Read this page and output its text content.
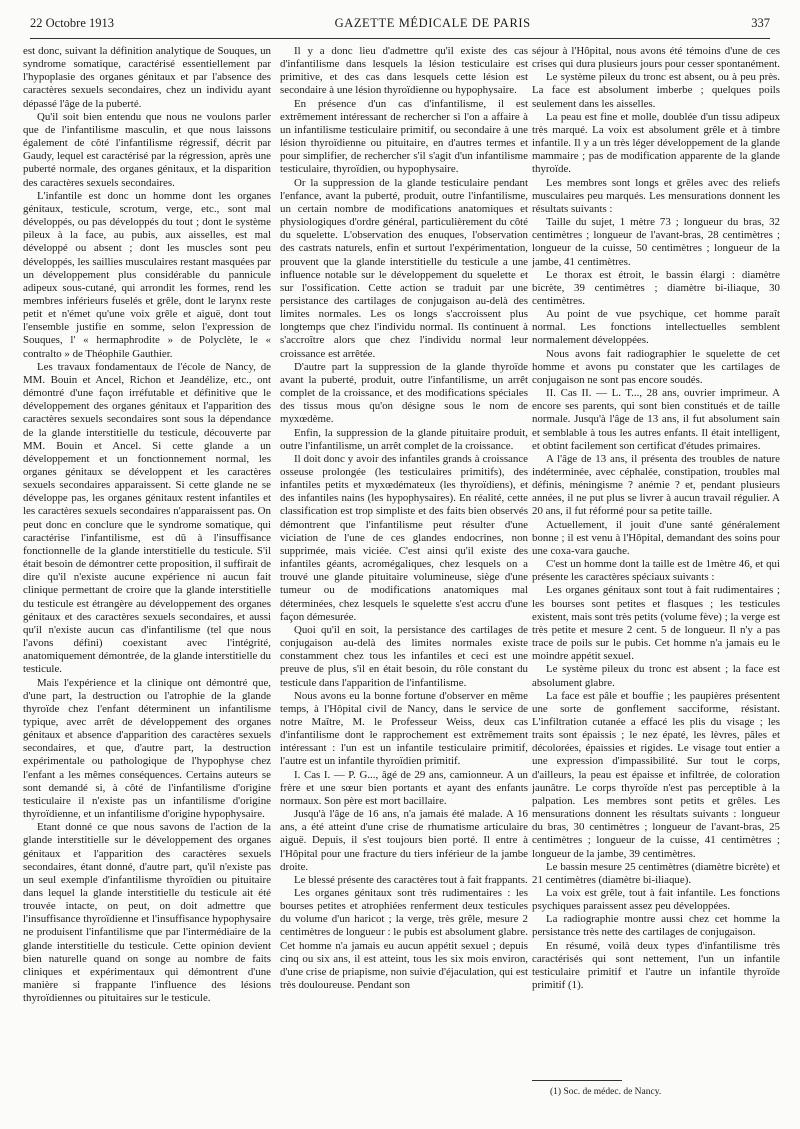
22 Octobre 1913	GAZETTE MÉDICALE DE PARIS	337

est donc, suivant la définition analytique de Souques, un syndrome somatique, caractérisé essentiellement par l'hypoplasie des organes génitaux et par l'absence des caractères sexuels secondaires, chez un individu ayant dépassé l'âge de la puberté.

Qu'il soit bien entendu que nous ne voulons parler que de l'infantilisme masculin, et que nous laissons également de côté l'infantilisme régressif, décrit par Gaudy, lequel est caractérisé par la régression, après une puberté normale, des organes génitaux, et la disparition des caractères sexuels secondaires.

L'infantile est donc un homme dont les organes génitaux, testicule, scrotum, verge, etc., sont mal développés, ou pas développés du tout ; dont le système pileux à la face, au pubis, aux aisselles, est mal développé ou absent ; dont les muscles sont peu développés, les saillies musculaires restant masquées par un développement plus considérable du pannicule adipeux sous-cutané, qui arrondit les formes, rend les membres inférieurs fuselés et grêle, dont le larynx reste petit et n'émet qu'une voix grêle et aiguë, dont tout l'ensemble justifie en somme, selon l'expression de Souques, l' « hermaphrodite » de Polyclète, le « contralto » de Théophile Gauthier.

Les travaux fondamentaux de l'école de Nancy, de MM. Bouin et Ancel, Richon et Jeandélize, etc., ont démontré d'une façon irréfutable et définitive que le développement des organes génitaux et l'apparition des caractères sexuels secondaires sont sous la dépendance de la glande interstitielle du testicule, découverte par MM. Bouin et Ancel. Si cette glande a un développement et un fonctionnement normal, les organes génitaux se développent et les caractères sexuels secondaires apparaissent. Si cette glande ne se développe pas, les organes génitaux restent infantiles et les caractères sexuels secondaires n'apparaissent pas. On peut donc en conclure que le syndrome somatique, qui caractérise l'infantilisme, est dû à l'insuffisance fonctionnelle de la glande interstitielle du testicule. S'il était besoin de démontrer cette proposition, il suffirait de dire qu'il n'existe aucune expérience ni aucun fait clinique permettant de croire que la glande interstitielle du testicule est étrangère au développement des organes génitaux et des caractères sexuels secondaires, et aussi qu'il n'existe aucun cas d'infantilisme (tel que nous l'avons défini) coexistant avec l'intégrité, anatomiquement démontrée, de la glande interstitielle du testicule.

Mais l'expérience et la clinique ont démontré que, d'une part, la destruction ou l'atrophie de la glande thyroïde chez l'enfant déterminent un infantilisme typique, avec arrêt de développement des organes génitaux et absence d'apparition des caractères sexuels secondaires, et que, d'autre part, la destruction expérimentale ou pathologique de l'hypophyse chez l'enfant a les mêmes conséquences. Certains auteurs se sont demandé si, à côté de l'infantilisme d'origine testiculaire il n'existe pas un infantilisme d'origine thyroïdienne, et un infantilisme d'origine hypophysaire.

Etant donné ce que nous savons de l'action de la glande interstitielle sur le développement des organes génitaux et l'apparition des caractères sexuels secondaires, étant donné, d'autre part, qu'il n'existe pas un seul exemple d'infantilisme thyroïdien ou pituitaire dans lequel la glande interstitielle du testicule ait été trouvée intacte, on peut, on doit admettre que l'insuffisance thyroïdienne et l'insuffisance hypophysaire ne produisent l'infantilisme que par l'intermédiaire de la glande interstitielle du testicule. Cette opinion devient bien naturelle quand on songe au nombre de faits cliniques et expérimentaux qui démontrent d'une manière si frappante l'influence des lésions thyroïdiennes ou pituitaires sur le testicule.

Il y a donc lieu d'admettre qu'il existe des cas d'infantilisme dans lesquels la lésion testiculaire est primitive, et des cas dans lesquels cette lésion est secondaire à une lésion thyroïdienne ou hypophysaire.

En présence d'un cas d'infantilisme, il est extrêmement intéressant de rechercher si l'on a affaire à un infantilisme testiculaire primitif, ou secondaire à une lésion thyroïdienne ou pituitaire, en d'autres termes et pour simplifier, de rechercher s'il s'agit d'un infantilisme testiculaire, thyroïdien, ou hypophysaire.

Or la suppression de la glande testiculaire pendant l'enfance, avant la puberté, produit, outre l'infantilisme, un certain nombre de modifications anatomiques et physiologiques d'ordre général, particulièrement du côté du squelette. L'observation des enuques, l'observation des castrats naturels, enfin et surtout l'expérimentation, prouvent que la glande interstitielle du testicule a une influence notable sur le développement du squelette et sur l'ossification. Cette action se traduit par une persistance des cartilages de conjugaison au-delà des limites normales. Les os longs s'accroissent plus longtemps que chez l'individu normal. Ils continuent à s'accroître alors que chez l'individu normal leur croissance est arrêtée.

D'autre part la suppression de la glande thyroïde avant la puberté, produit, outre l'infantilisme, un arrêt complet de la croissance, et des modifications spéciales des tissus mous qu'on désigne sous le nom de myxœdème.

Enfin, la suppression de la glande pituitaire produit, outre l'infantilisme, un arrêt complet de la croissance.

Il doit donc y avoir des infantiles grands à croissance osseuse prolongée (les testiculaires primitifs), des infantiles petits et myxœdémateux (les thyroïdiens), et des infantiles nains (les hypophysaires). En réalité, cette classification est trop simpliste et des faits bien observés démontrent que l'infantilisme peut résulter d'une viciation de l'une de ces glandes endocrines, non supprimée, mais viciée. C'est ainsi qu'il existe des infantiles géants, acromégaliques, chez lesquels on a trouvé une glande pituitaire volumineuse, siège d'une tumeur ou de modifications anatomiques mal déterminées, chez lesquels le squelette s'est accru d'une façon démesurée.

Quoi qu'il en soit, la persistance des cartilages de conjugaison au-delà des limites normales existe constamment chez tous les infantiles et ceci est une preuve de plus, s'il en était besoin, du rôle constant du testicule dans l'apparition de l'infantilisme.

Nous avons eu la bonne fortune d'observer en même temps, à l'Hôpital civil de Nancy, dans le service de notre Maître, M. le Professeur Weiss, deux cas d'infantilisme dont le rapprochement est extrêmement intéressant : l'un est un infantile testiculaire primitif, l'autre est un infantile thyroïdien primitif.

I. Cas I. — P. G..., âgé de 29 ans, camionneur. A un frère et une sœur bien portants et ayant des enfants normaux. Son père est mort bacillaire.

Jusqu'à l'âge de 16 ans, n'a jamais été malade. A 16 ans, a été atteint d'une crise de rhumatisme articulaire aiguë. Depuis, il s'est toujours bien porté. Il entre à l'Hôpital pour une fracture du tiers inférieur de la jambe droite.

Le blessé présente des caractères tout à fait frappants.

Les organes génitaux sont très rudimentaires : les bourses petites et atrophiées renferment deux testicules du volume d'un haricot ; la verge, très grêle, mesure 2 centimètres de longueur : le pubis est absolument glabre. Cet homme n'a jamais eu aucun appétit sexuel ; depuis cinq ou six ans, il est atteint, tous les six mois environ, d'une crise de priapisme, non suivie d'éjaculation, qui est très douloureuse. Pendant son

séjour à l'Hôpital, nous avons été témoins d'une de ces crises qui dura plusieurs jours pour cesser spontanément.

Le système pileux du tronc est absent, ou à peu près. La face est absolument imberbe ; quelques poils seulement dans les aisselles.

La peau est fine et molle, doublée d'un tissu adipeux très marqué. La voix est absolument grêle et à timbre infantile. Il y a un très léger développement de la glande mammaire ; pas de modification apparente de la glande thyroïde.

Les membres sont longs et grêles avec des reliefs musculaires peu marqués. Les mensurations donnent les résultats suivants :

Taille du sujet, 1 mètre 73 ; longueur du bras, 32 centimètres ; longueur de l'avant-bras, 28 centimètres ; longueur de la cuisse, 50 centimètres ; longueur de la jambe, 41 centimètres.

Le thorax est étroit, le bassin élargi : diamètre bicrète, 39 centimètres ; diamètre bi-iliaque, 30 centimètres.

Au point de vue psychique, cet homme paraît normal. Les fonctions intellectuelles semblent normalement développées.

Nous avons fait radiographier le squelette de cet homme et avons pu constater que les cartilages de conjugaison ne sont pas encore soudés.

II. Cas II. — L. T..., 28 ans, ouvrier imprimeur. A encore ses parents, qui sont bien constitués et de taille normale. Jusqu'à l'âge de 13 ans, il fut absolument sain et semblable à tous les autres enfants. Il était intelligent, et obtint facilement son certificat d'études primaires.

A l'âge de 13 ans, il présenta des troubles de nature indéterminée, avec céphalée, constipation, troubles mal définis, méningisme ? anémie ? et, pendant plusieurs années, il ne put plus se livrer à aucun travail régulier. A 20 ans, il fut réformé pour sa petite taille.

Actuellement, il jouit d'une santé généralement bonne ; il est venu à l'Hôpital, demandant des soins pour une coxa-vara gauche.

C'est un homme dont la taille est de 1mètre 46, et qui présente les caractères spéciaux suivants :

Les organes génitaux sont tout à fait rudimentaires ; les bourses sont petites et flasques ; les testicules existent, mais sont très petits (volume fève) ; la verge est très petite et mesure 2 cent. 5 de longueur. Il n'y a pas trace de poils sur le pubis. Cet homme n'a jamais eu le moindre appétit sexuel.

Le système pileux du tronc est absent ; la face est absolument glabre.

La face est pâle et bouffie ; les paupières présentent une sorte de gonflement sacciforme, résistant. L'infiltration cutanée a effacé les plis du visage ; les traits sont épaissis ; le nez épaté, les lèvres, pâles et décolorées, épaissies et rigides. Le visage tout entier a une expression d'impassibilité. Sur tout le corps, d'ailleurs, la peau est épaisse et infiltrée, de coloration jaunâtre. Le corps thyroïde n'est pas perceptible à la palpation. Les membres sont petits et grêles. Les mensurations donnent les résultats suivants : longueur du bras, 30 centimètres ; longueur de l'avant-bras, 25 centimètres ; longueur de la cuisse, 41 centimètres ; longueur de la jambe, 39 centimètres.

Le bassin mesure 25 centimètres (diamètre bicrète) et 21 centimètres (diamètre bi-iliaque).

La voix est grêle, tout à fait infantile. Les fonctions psychiques paraissent assez peu développées.

La radiographie montre aussi chez cet homme la persistance très nette des cartilages de conjugaison.

En résumé, voilà deux types d'infantilisme très caractérisés qui sont nettement, l'un un infantile testiculaire primitif et l'autre un infantile thyroïde primitif (1).

(1) Soc. de médec. de Nancy.
